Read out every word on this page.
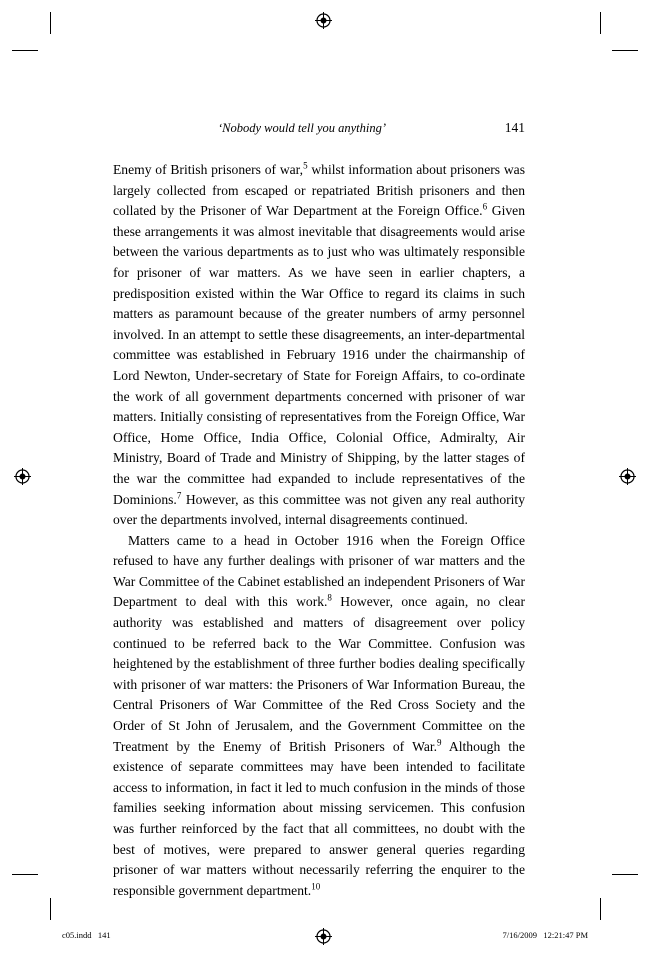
‘Nobody would tell you anything’	141

Enemy of British prisoners of war,$^5$ whilst information about prisoners was largely collected from escaped or repatriated British prisoners and then collated by the Prisoner of War Department at the Foreign Office.$^6$ Given these arrangements it was almost inevitable that disagreements would arise between the various departments as to just who was ultimately responsible for prisoner of war matters. As we have seen in earlier chapters, a predisposition existed within the War Office to regard its claims in such matters as paramount because of the greater numbers of army personnel involved. In an attempt to settle these disagreements, an inter-departmental committee was established in February 1916 under the chairmanship of Lord Newton, Under-secretary of State for Foreign Affairs, to co-ordinate the work of all government departments concerned with prisoner of war matters. Initially consisting of representatives from the Foreign Office, War Office, Home Office, India Office, Colonial Office, Admiralty, Air Ministry, Board of Trade and Ministry of Shipping, by the latter stages of the war the committee had expanded to include representatives of the Dominions.$^7$ However, as this committee was not given any real authority over the departments involved, internal disagreements continued.

Matters came to a head in October 1916 when the Foreign Office refused to have any further dealings with prisoner of war matters and the War Committee of the Cabinet established an independent Prisoners of War Department to deal with this work.$^8$ However, once again, no clear authority was established and matters of disagreement over policy continued to be referred back to the War Committee. Confusion was heightened by the establishment of three further bodies dealing specifically with prisoner of war matters: the Prisoners of War Information Bureau, the Central Prisoners of War Committee of the Red Cross Society and the Order of St John of Jerusalem, and the Government Committee on the Treatment by the Enemy of British Prisoners of War.$^9$ Although the existence of separate committees may have been intended to facilitate access to information, in fact it led to much confusion in the minds of those families seeking information about missing servicemen. This confusion was further reinforced by the fact that all committees, no doubt with the best of motives, were prepared to answer general queries regarding prisoner of war matters without necessarily referring the enquirer to the responsible government department.$^{10}$

c05.indd   141	7/16/2009   12:21:47 PM
